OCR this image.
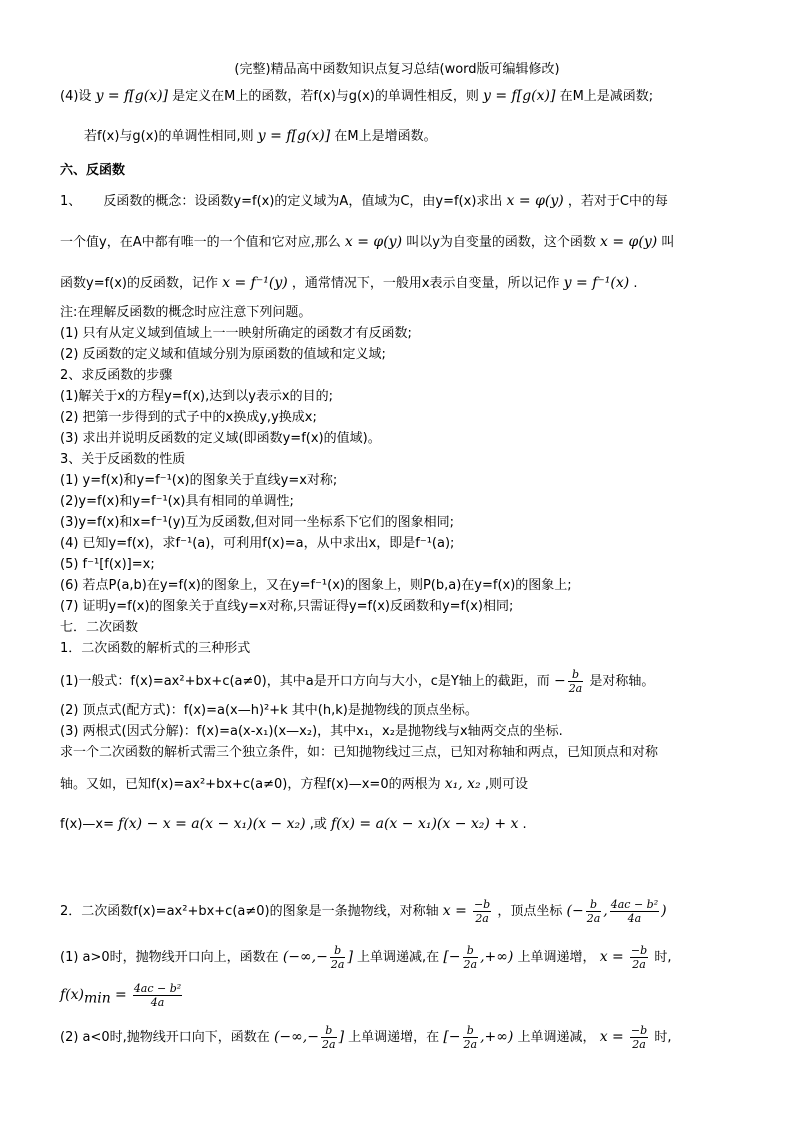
(完整)精品高中函数知识点复习总结(word版可编辑修改)
(4)设 y = f[g(x)] 是定义在M上的函数，若f(x)与g(x)的单调性相反，则 y = f[g(x)] 在M上是减函数;
若f(x)与g(x)的单调性相同,则 y = f[g(x)] 在M上是增函数。
六、反函数
1、 反函数的概念：设函数y=f(x)的定义域为A，值域为C，由y=f(x)求出 x = φ(y) ，若对于C中的每
一个值y，在A中都有唯一的一个值和它对应,那么 x = φ(y) 叫以y为自变量的函数，这个函数 x = φ(y) 叫
函数y=f(x)的反函数，记作 x = f⁻¹(y) ，通常情况下，一般用x表示自变量，所以记作 y = f⁻¹(x) .
注:在理解反函数的概念时应注意下列问题。
(1) 只有从定义域到值域上一一映射所确定的函数才有反函数;
(2) 反函数的定义域和值域分别为原函数的值域和定义域;
2、求反函数的步骤
(1)解关于x的方程y=f(x),达到以y表示x的目的;
(2) 把第一步得到的式子中的x换成y,y换成x;
(3) 求出并说明反函数的定义域(即函数y=f(x)的值域)。
3、关于反函数的性质
(1) y=f(x)和y=f⁻¹(x)的图象关于直线y=x对称;
(2)y=f(x)和y=f⁻¹(x)具有相同的单调性;
(3)y=f(x)和x=f⁻¹(y)互为反函数,但对同一坐标系下它们的图象相同;
(4) 已知y=f(x)，求f⁻¹(a)，可利用f(x)=a，从中求出x，即是f⁻¹(a);
(5) f⁻¹[f(x)]=x;
(6) 若点P(a,b)在y=f(x)的图象上，又在y=f⁻¹(x)的图象上，则P(b,a)在y=f(x)的图象上;
(7) 证明y=f(x)的图象关于直线y=x对称,只需证得y=f(x)反函数和y=f(x)相同;
七．二次函数
1．二次函数的解析式的三种形式
(1)一般式：f(x)=ax²+bx+c(a≠0)，其中a是开口方向与大小，c是Y轴上的截距，而 − $\frac{b}{2a}$ 是对称轴。
(2) 顶点式(配方式)：f(x)=a(x—h)²+k 其中(h,k)是抛物线的顶点坐标。
(3) 两根式(因式分解)：f(x)=a(x-x₁)(x—x₂)，其中x₁，x₂是抛物线与x轴两交点的坐标.
求一个二次函数的解析式需三个独立条件，如：已知抛物线过三点，已知对称轴和两点，已知顶点和对称
轴。又如，已知f(x)=ax²+bx+c(a≠0)，方程f(x)—x=0的两根为 x₁, x₂ ,则可设
f(x)—x= f(x) − x = a(x − x₁)(x − x₂) ,或 f(x) = a(x − x₁)(x − x₂) + x .
2．二次函数f(x)=ax²+bx+c(a≠0)的图象是一条抛物线，对称轴 $x = \frac{-b}{2a}$ ，顶点坐标 (− $\frac{b}{2a}$ , $\frac{\text{4ac − b²}}{4a}$ )
(1) a>0时，抛物线开口向上，函数在 (−∞,− $\frac{b}{2a}$ ] 上单调递减,在 [− $\frac{b}{2a}$ ,+∞) 上单调递增， $x = \frac{-b}{2a}$ 时,
$f(x)_{min} = \frac{\text{4ac − b²}}{4a}$
(2) a<0时,抛物线开口向下，函数在 (−∞,− $\frac{b}{2a}$ ] 上单调递增，在 [− $\frac{b}{2a}$ ,+∞) 上单调递减， $x = \frac{-b}{2a}$ 时,
